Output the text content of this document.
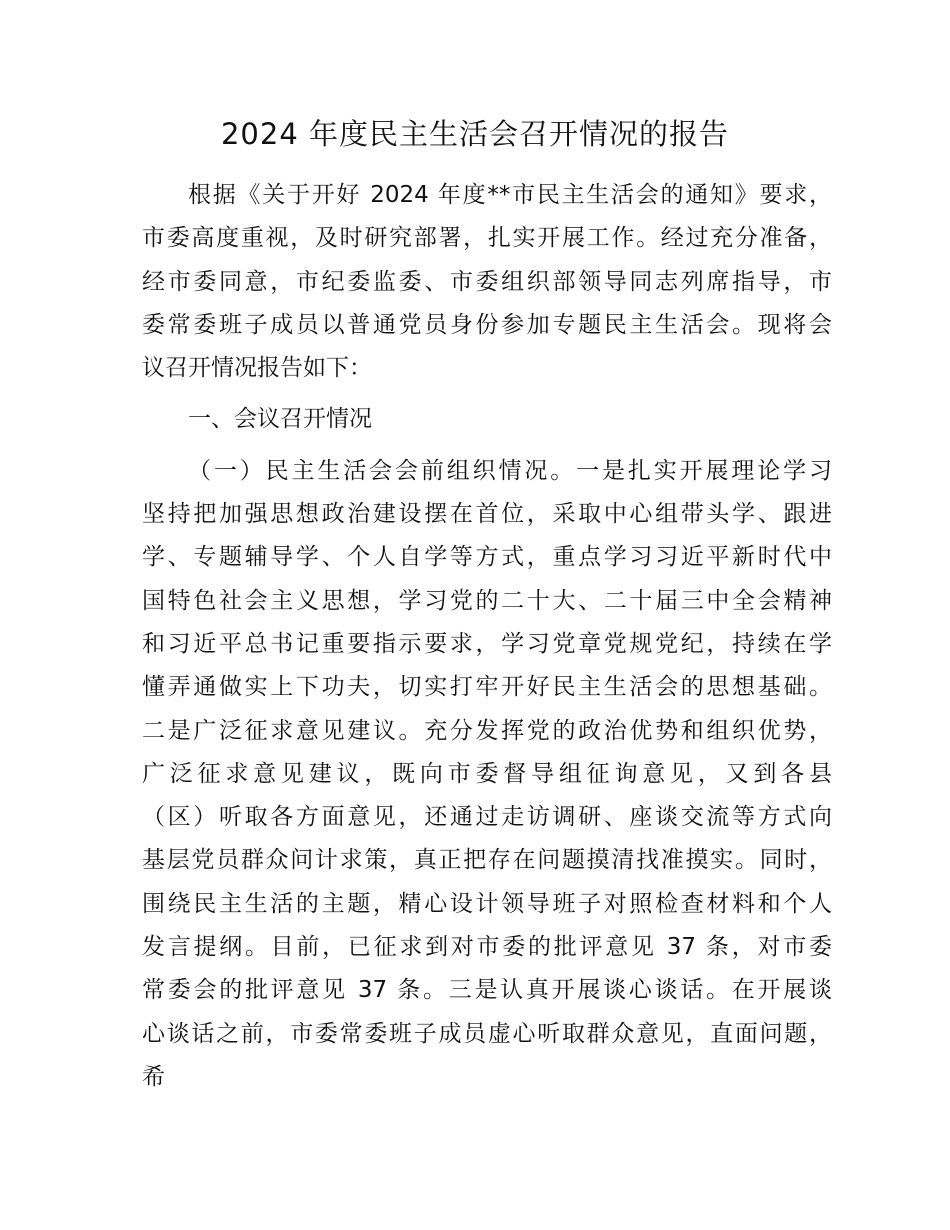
2024 年度民主生活会召开情况的报告
根据《关于开好 2024 年度**市民主生活会的通知》要求，
市委高度重视，及时研究部署，扎实开展工作。经过充分准备，
经市委同意，市纪委监委、市委组织部领导同志列席指导，市
委常委班子成员以普通党员身份参加专题民主生活会。现将会
议召开情况报告如下：
一、会议召开情况
（一）民主生活会会前组织情况。一是扎实开展理论学习
坚持把加强思想政治建设摆在首位，采取中心组带头学、跟进
学、专题辅导学、个人自学等方式，重点学习习近平新时代中
国特色社会主义思想，学习党的二十大、二十届三中全会精神
和习近平总书记重要指示要求，学习党章党规党纪，持续在学
懂弄通做实上下功夫，切实打牢开好民主生活会的思想基础。
二是广泛征求意见建议。充分发挥党的政治优势和组织优势，
广泛征求意见建议，既向市委督导组征询意见，又到各县
（区）听取各方面意见，还通过走访调研、座谈交流等方式向
基层党员群众问计求策，真正把存在问题摸清找准摸实。同时，
围绕民主生活的主题，精心设计领导班子对照检查材料和个人
发言提纲。目前，已征求到对市委的批评意见 37 条，对市委
常委会的批评意见 37 条。三是认真开展谈心谈话。在开展谈
心谈话之前，市委常委班子成员虚心听取群众意见，直面问题，
希
